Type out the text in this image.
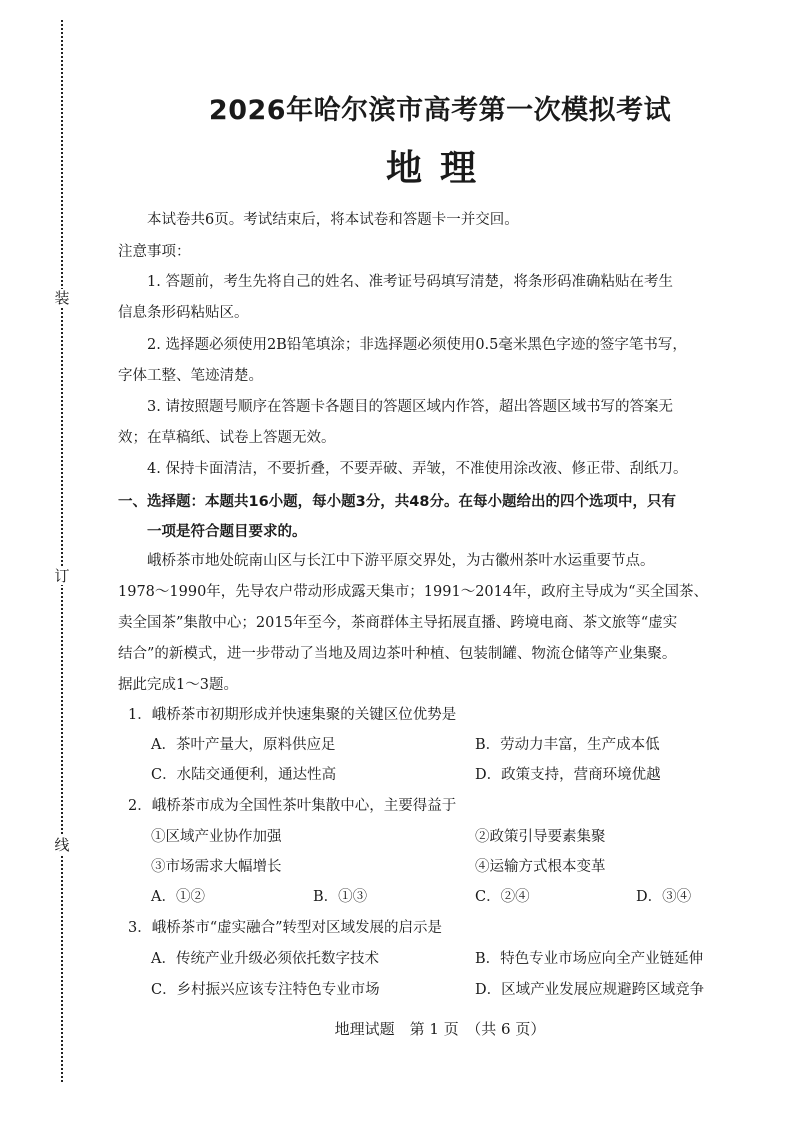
装
订
线
2026年哈尔滨市高考第一次模拟考试
地理
本试卷共6页。考试结束后，将本试卷和答题卡一并交回。
注意事项：
1. 答题前，考生先将自己的姓名、准考证号码填写清楚，将条形码准确粘贴在考生
信息条形码粘贴区。
2. 选择题必须使用2B铅笔填涂；非选择题必须使用0.5毫米黑色字迹的签字笔书写，
字体工整、笔迹清楚。
3. 请按照题号顺序在答题卡各题目的答题区域内作答，超出答题区域书写的答案无
效；在草稿纸、试卷上答题无效。
4. 保持卡面清洁，不要折叠，不要弄破、弄皱，不准使用涂改液、修正带、刮纸刀。
一、选择题：本题共16小题，每小题3分，共48分。在每小题给出的四个选项中，只有
一项是符合题目要求的。
峨桥茶市地处皖南山区与长江中下游平原交界处，为古徽州茶叶水运重要节点。
1978～1990年，先导农户带动形成露天集市；1991～2014年，政府主导成为“买全国茶、
卖全国茶”集散中心；2015年至今，茶商群体主导拓展直播、跨境电商、茶文旅等“虚实
结合”的新模式，进一步带动了当地及周边茶叶种植、包装制罐、物流仓储等产业集聚。
据此完成1～3题。
1．峨桥茶市初期形成并快速集聚的关键区位优势是
A．茶叶产量大，原料供应足	B．劳动力丰富，生产成本低
C．水陆交通便利，通达性高	D．政策支持，营商环境优越
2．峨桥茶市成为全国性茶叶集散中心，主要得益于
①区域产业协作加强	②政策引导要素集聚
③市场需求大幅增长	④运输方式根本变革
A．①②	B．①③	C．②④	D．③④
3．峨桥茶市“虚实融合”转型对区域发展的启示是
A．传统产业升级必须依托数字技术	B．特色专业市场应向全产业链延伸
C．乡村振兴应该专注特色专业市场	D．区域产业发展应规避跨区域竞争
地理试题　第 1 页　（共 6 页）
